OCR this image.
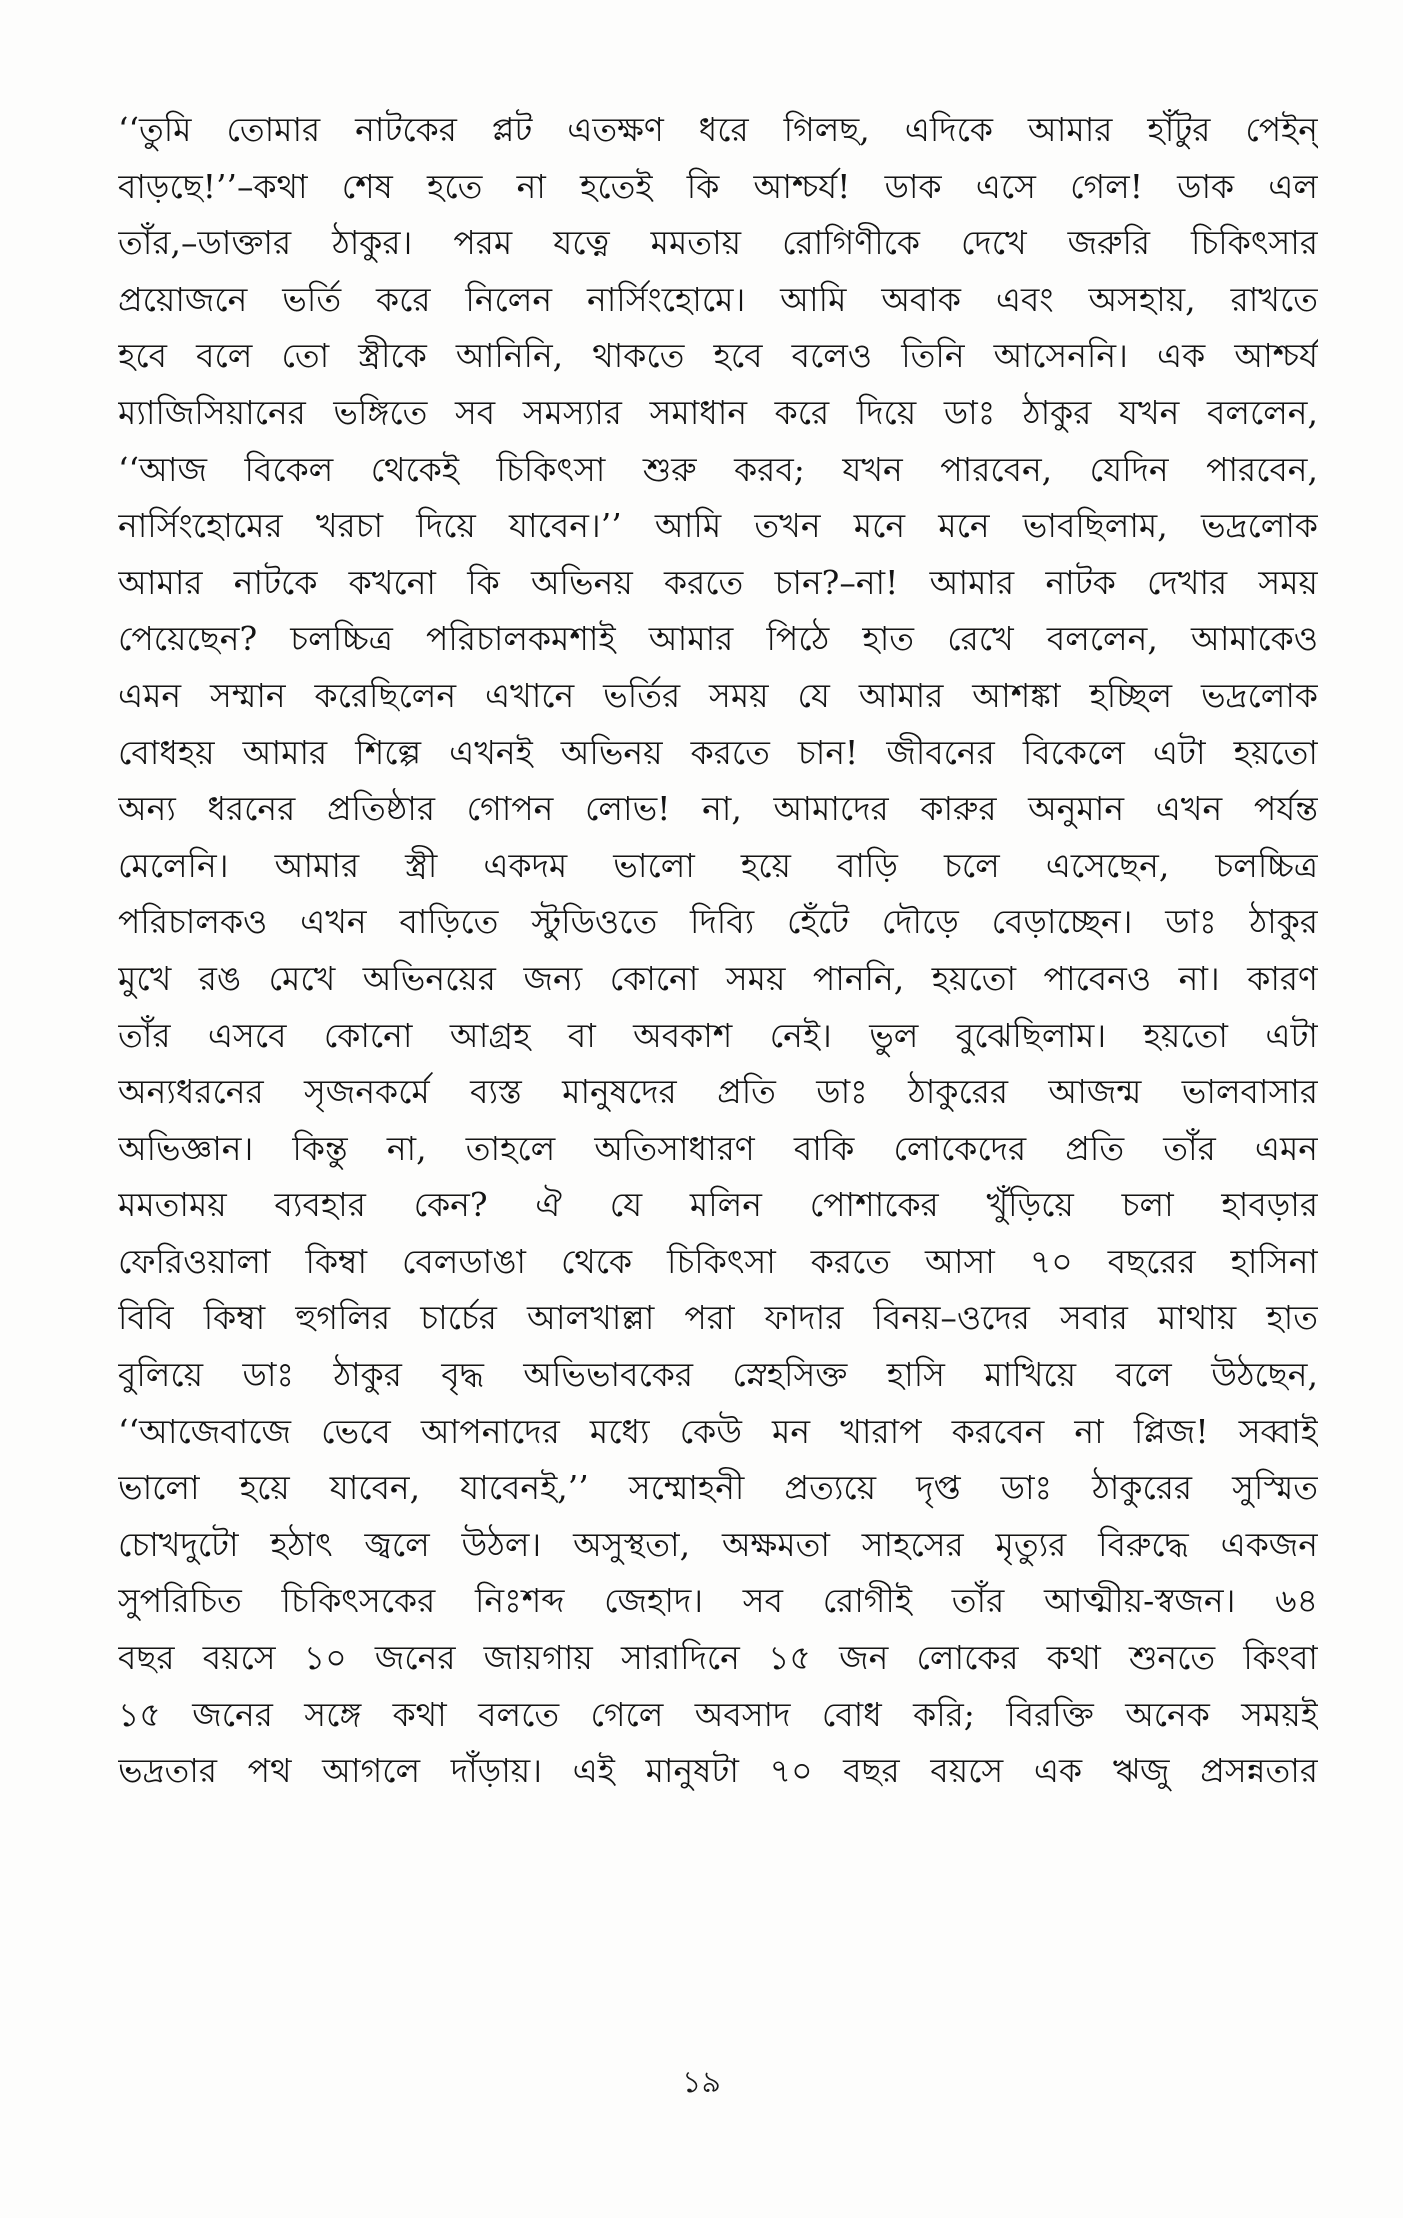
‘‘তুমি তোমার নাটকের প্লট এতক্ষণ ধরে গিলছ, এদিকে আমার হাঁটুর পেইন্
বাড়ছে!’’–কথা শেষ হতে না হতেই কি আশ্চর্য! ডাক এসে গেল! ডাক এল
তাঁর,–ডাক্তার ঠাকুর। পরম যত্নে মমতায় রোগিণীকে দেখে জরুরি চিকিৎসার
প্রয়োজনে ভর্তি করে নিলেন নার্সিংহোমে। আমি অবাক এবং অসহায়, রাখতে
হবে বলে তো স্ত্রীকে আনিনি, থাকতে হবে বলেও তিনি আসেননি। এক আশ্চর্য
ম্যাজিসিয়ানের ভঙ্গিতে সব সমস্যার সমাধান করে দিয়ে ডাঃ ঠাকুর যখন বললেন,
‘‘আজ বিকেল থেকেই চিকিৎসা শুরু করব; যখন পারবেন, যেদিন পারবেন,
নার্সিংহোমের খরচা দিয়ে যাবেন।’’ আমি তখন মনে মনে ভাবছিলাম, ভদ্রলোক
আমার নাটকে কখনো কি অভিনয় করতে চান?–না! আমার নাটক দেখার সময়
পেয়েছেন? চলচ্চিত্র পরিচালকমশাই আমার পিঠে হাত রেখে বললেন, আমাকেও
এমন সম্মান করেছিলেন এখানে ভর্তির সময় যে আমার আশঙ্কা হচ্ছিল ভদ্রলোক
বোধহয় আমার শিল্পে এখনই অভিনয় করতে চান! জীবনের বিকেলে এটা হয়তো
অন্য ধরনের প্রতিষ্ঠার গোপন লোভ! না, আমাদের কারুর অনুমান এখন পর্যন্ত
মেলেনি। আমার স্ত্রী একদম ভালো হয়ে বাড়ি চলে এসেছেন, চলচ্চিত্র
পরিচালকও এখন বাড়িতে স্টুডিওতে দিব্যি হেঁটে দৌড়ে বেড়াচ্ছেন। ডাঃ ঠাকুর
মুখে রঙ মেখে অভিনয়ের জন্য কোনো সময় পাননি, হয়তো পাবেনও না। কারণ
তাঁর এসবে কোনো আগ্রহ বা অবকাশ নেই। ভুল বুঝেছিলাম। হয়তো এটা
অন্যধরনের সৃজনকর্মে ব্যস্ত মানুষদের প্রতি ডাঃ ঠাকুরের আজন্ম ভালবাসার
অভিজ্ঞান। কিন্তু না, তাহলে অতিসাধারণ বাকি লোকেদের প্রতি তাঁর এমন
মমতাময় ব্যবহার কেন? ঐ যে মলিন পোশাকের খুঁড়িয়ে চলা হাবড়ার
ফেরিওয়ালা কিম্বা বেলডাঙা থেকে চিকিৎসা করতে আসা ৭০ বছরের হাসিনা
বিবি কিম্বা হুগলির চার্চের আলখাল্লা পরা ফাদার বিনয়–ওদের সবার মাথায় হাত
বুলিয়ে ডাঃ ঠাকুর বৃদ্ধ অভিভাবকের স্নেহসিক্ত হাসি মাখিয়ে বলে উঠছেন,
‘‘আজেবাজে ভেবে আপনাদের মধ্যে কেউ মন খারাপ করবেন না প্লিজ! সব্বাই
ভালো হয়ে যাবেন, যাবেনই,’’ সম্মোহনী প্রত্যয়ে দৃপ্ত ডাঃ ঠাকুরের সুস্মিত
চোখদুটো হঠাৎ জ্বলে উঠল। অসুস্থতা, অক্ষমতা সাহসের মৃত্যুর বিরুদ্ধে একজন
সুপরিচিত চিকিৎসকের নিঃশব্দ জেহাদ। সব রোগীই তাঁর আত্মীয়-স্বজন। ৬৪
বছর বয়সে ১০ জনের জায়গায় সারাদিনে ১৫ জন লোকের কথা শুনতে কিংবা
১৫ জনের সঙ্গে কথা বলতে গেলে অবসাদ বোধ করি; বিরক্তি অনেক সময়ই
ভদ্রতার পথ আগলে দাঁড়ায়। এই মানুষটা ৭০ বছর বয়সে এক ঋজু প্রসন্নতার
১৯
